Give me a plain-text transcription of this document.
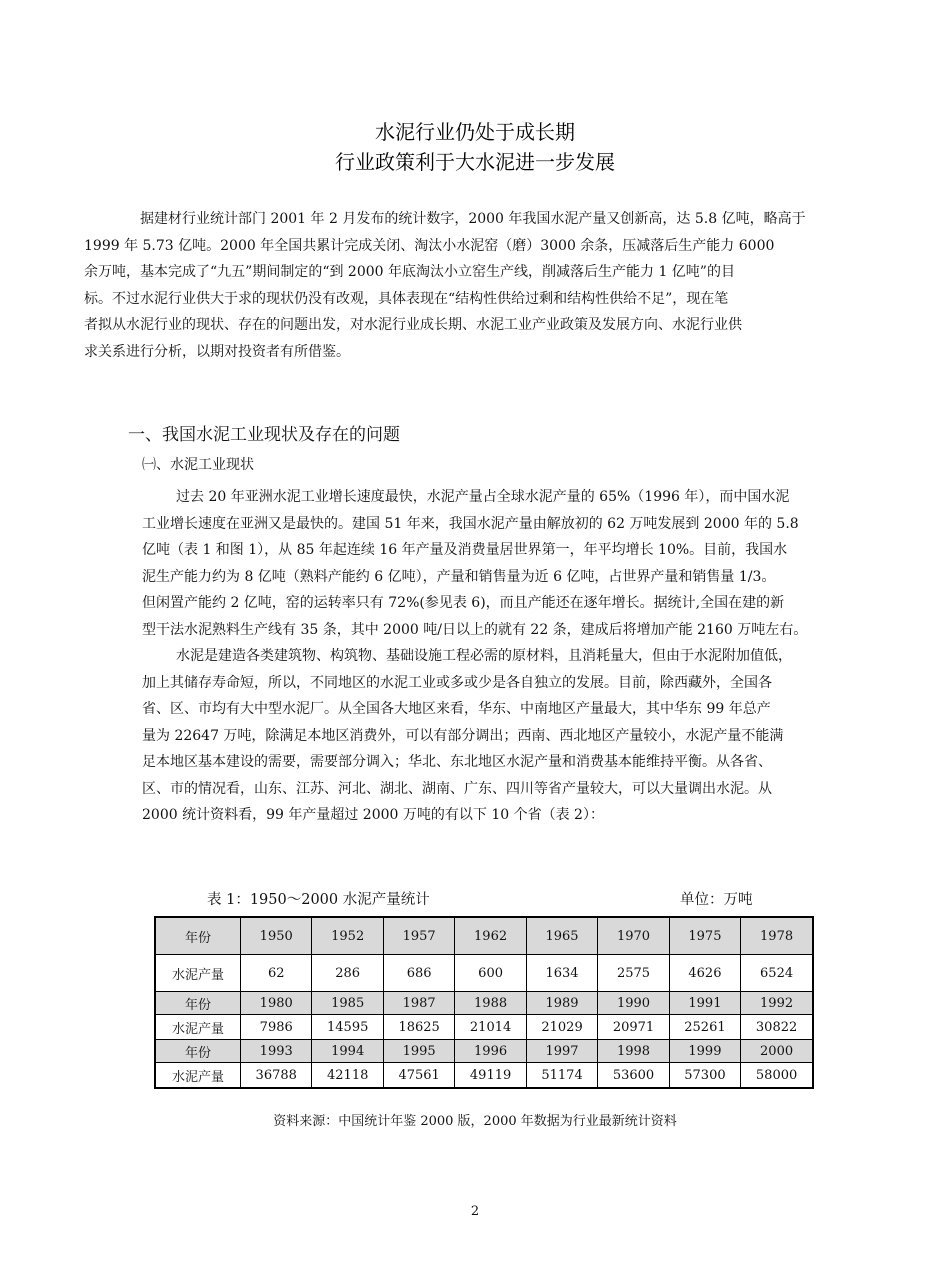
水泥行业仍处于成长期
行业政策利于大水泥进一步发展
据建材行业统计部门 2001 年 2 月发布的统计数字，2000 年我国水泥产量又创新高，达 5.8 亿吨，略高于
1999 年 5.73 亿吨。2000 年全国共累计完成关闭、淘汰小水泥窑（磨）3000 余条，压减落后生产能力 6000
余万吨，基本完成了“九五”期间制定的“到 2000 年底淘汰小立窑生产线，削减落后生产能力 1 亿吨”的目
标。不过水泥行业供大于求的现状仍没有改观，具体表现在“结构性供给过剩和结构性供给不足”，现在笔
者拟从水泥行业的现状、存在的问题出发，对水泥行业成长期、水泥工业产业政策及发展方向、水泥行业供
求关系进行分析，以期对投资者有所借鉴。
一、我国水泥工业现状及存在的问题
㈠、水泥工业现状
过去 20 年亚洲水泥工业增长速度最快，水泥产量占全球水泥产量的 65%（1996 年），而中国水泥
工业增长速度在亚洲又是最快的。建国 51 年来，我国水泥产量由解放初的 62 万吨发展到 2000 年的 5.8
亿吨（表 1 和图 1），从 85 年起连续 16 年产量及消费量居世界第一，年平均增长 10%。目前，我国水
泥生产能力约为 8 亿吨（熟料产能约 6 亿吨），产量和销售量为近 6 亿吨，占世界产量和销售量 1/3。
但闲置产能约 2 亿吨，窑的运转率只有 72%(参见表 6)，而且产能还在逐年增长。据统计,全国在建的新
型干法水泥熟料生产线有 35 条，其中 2000 吨/日以上的就有 22 条，建成后将增加产能 2160 万吨左右。
水泥是建造各类建筑物、构筑物、基础设施工程必需的原材料，且消耗量大，但由于水泥附加值低，
加上其储存寿命短，所以，不同地区的水泥工业或多或少是各自独立的发展。目前，除西藏外，全国各
省、区、市均有大中型水泥厂。从全国各大地区来看，华东、中南地区产量最大，其中华东 99 年总产
量为 22647 万吨，除满足本地区消费外，可以有部分调出；西南、西北地区产量较小，水泥产量不能满
足本地区基本建设的需要，需要部分调入；华北、东北地区水泥产量和消费基本能维持平衡。从各省、
区、市的情况看，山东、江苏、河北、湖北、湖南、广东、四川等省产量较大，可以大量调出水泥。从
2000 统计资料看，99 年产量超过 2000 万吨的有以下 10 个省（表 2）：
表 1：1950～2000 水泥产量统计	单位：万吨
年份	1950	1952	1957	1962	1965	1970	1975	1978
水泥产量	62	286	686	600	1634	2575	4626	6524
年份	1980	1985	1987	1988	1989	1990	1991	1992
水泥产量	7986	14595	18625	21014	21029	20971	25261	30822
年份	1993	1994	1995	1996	1997	1998	1999	2000
水泥产量	36788	42118	47561	49119	51174	53600	57300	58000
资料来源：中国统计年鉴 2000 版，2000 年数据为行业最新统计资料
2
